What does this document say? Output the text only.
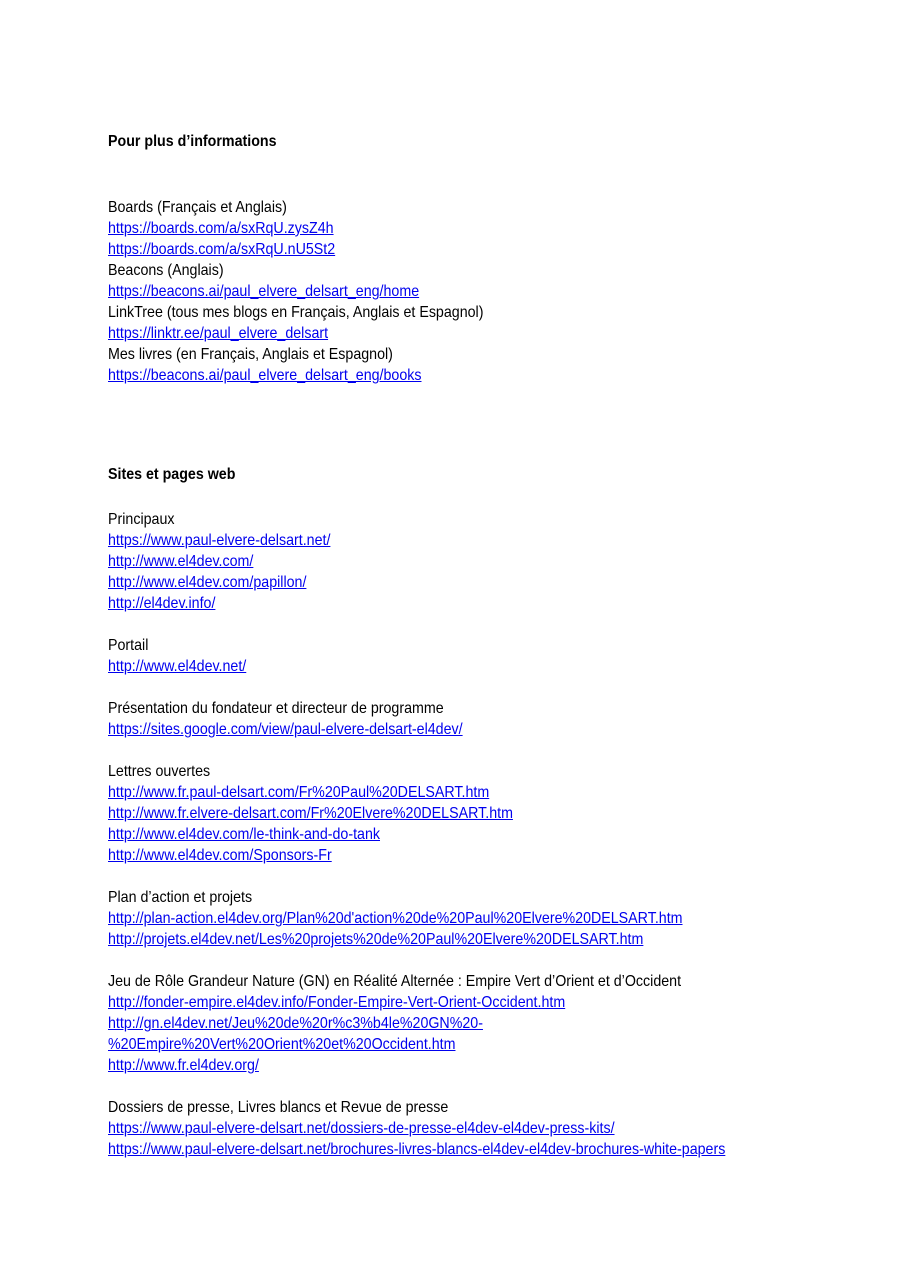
Pour plus d’informations
Boards (Français et Anglais)
https://boards.com/a/sxRqU.zysZ4h
https://boards.com/a/sxRqU.nU5St2
Beacons (Anglais)
https://beacons.ai/paul_elvere_delsart_eng/home
LinkTree (tous mes blogs en Français, Anglais et Espagnol)
https://linktr.ee/paul_elvere_delsart
Mes livres (en Français, Anglais et Espagnol)
https://beacons.ai/paul_elvere_delsart_eng/books
Sites et pages web
Principaux
https://www.paul-elvere-delsart.net/
http://www.el4dev.com/
http://www.el4dev.com/papillon/
http://el4dev.info/
Portail
http://www.el4dev.net/
Présentation du fondateur et directeur de programme
https://sites.google.com/view/paul-elvere-delsart-el4dev/
Lettres ouvertes
http://www.fr.paul-delsart.com/Fr%20Paul%20DELSART.htm
http://www.fr.elvere-delsart.com/Fr%20Elvere%20DELSART.htm
http://www.el4dev.com/le-think-and-do-tank
http://www.el4dev.com/Sponsors-Fr
Plan d’action et projets
http://plan-action.el4dev.org/Plan%20d'action%20de%20Paul%20Elvere%20DELSART.htm
http://projets.el4dev.net/Les%20projets%20de%20Paul%20Elvere%20DELSART.htm
Jeu de Rôle Grandeur Nature (GN) en Réalité Alternée : Empire Vert d’Orient et d’Occident
http://fonder-empire.el4dev.info/Fonder-Empire-Vert-Orient-Occident.htm
http://gn.el4dev.net/Jeu%20de%20r%c3%b4le%20GN%20-
%20Empire%20Vert%20Orient%20et%20Occident.htm
http://www.fr.el4dev.org/
Dossiers de presse, Livres blancs et Revue de presse
https://www.paul-elvere-delsart.net/dossiers-de-presse-el4dev-el4dev-press-kits/
https://www.paul-elvere-delsart.net/brochures-livres-blancs-el4dev-el4dev-brochures-white-papers
